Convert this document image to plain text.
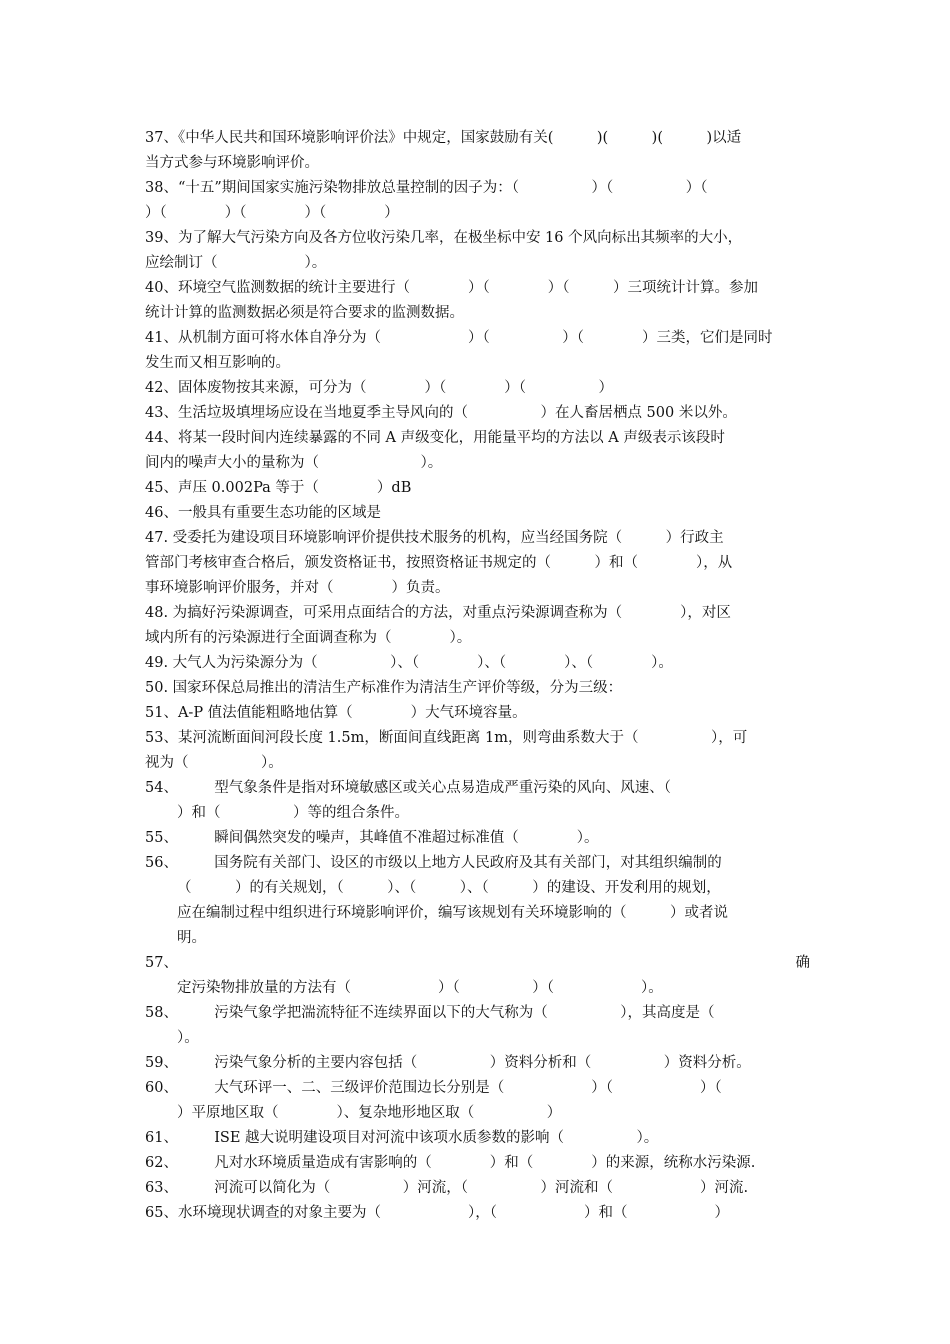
37、《中华人民共和国环境影响评价法》中规定，国家鼓励有关(　　　)(　　　)(　　　)以适
当方式参与环境影响评价。
38、“十五”期间国家实施污染物排放总量控制的因子为：（　　　　　）（　　　　　）（
）（　　　　）（　　　　）（　　　　）
39、为了解大气污染方向及各方位收污染几率，在极坐标中安 16 个风向标出其频率的大小，
应绘制订（　　　　　　）。
40、环境空气监测数据的统计主要进行（　　　　）（　　　　）（　　　）三项统计计算。参加
统计计算的监测数据必须是符合要求的监测数据。
41、从机制方面可将水体自净分为（　　　　　　）（　　　　　）（　　　　）三类，它们是同时
发生而又相互影响的。
42、固体废物按其来源，可分为（　　　　）（　　　　）（　　　　　）
43、生活垃圾填埋场应设在当地夏季主导风向的（　　　　　）在人畜居栖点 500 米以外。
44、将某一段时间内连续暴露的不同 A 声级变化，用能量平均的方法以 A 声级表示该段时
间内的噪声大小的量称为（　　　　　　　）。
45、声压 0.002Pa 等于（　　　　）dB
46、一般具有重要生态功能的区域是
47. 受委托为建设项目环境影响评价提供技术服务的机构，应当经国务院（　　　）行政主
管部门考核审查合格后，颁发资格证书，按照资格证书规定的（　　　）和（　　　　），从
事环境影响评价服务，并对（　　　　）负责。
48. 为搞好污染源调查，可采用点面结合的方法，对重点污染源调查称为（　　　　），对区
域内所有的污染源进行全面调查称为（　　　　）。
49. 大气人为污染源分为（　　　　　）、（　　　　）、（　　　　）、（　　　　）。
50. 国家环保总局推出的清洁生产标准作为清洁生产评价等级，分为三级：
51、A-P 值法值能粗略地估算（　　　　）大气环境容量。
53、某河流断面间河段长度 1.5m，断面间直线距离 1m，则弯曲系数大于（　　　　　），可
视为（　　　　　）。
54、　　　型气象条件是指对环境敏感区或关心点易造成严重污染的风向、风速、（
）和（　　　　　）等的组合条件。
55、　　　瞬间偶然突发的噪声，其峰值不准超过标准值（　　　　）。
56、　　　国务院有关部门、设区的市级以上地方人民政府及其有关部门，对其组织编制的
（　　　）的有关规划，（　　　）、（　　　）、（　　　）的建设、开发利用的规划，
应在编制过程中组织进行环境影响评价，编写该规划有关环境影响的（　　　）或者说
明。
57、	确
定污染物排放量的方法有（　　　　　　）（　　　　　）（　　　　　　）。
58、　　　污染气象学把湍流特征不连续界面以下的大气称为（　　　　　），其高度是（
）。
59、　　　污染气象分析的主要内容包括（　　　　　）资料分析和（　　　　　）资料分析。
60、　　　大气环评一、二、三级评价范围边长分别是（　　　　　　）（　　　　　　）（
）平原地区取（　　　　）、复杂地形地区取（　　　　　）
61、　　　ISE 越大说明建设项目对河流中该项水质参数的影响（　　　　　）。
62、　　　凡对水环境质量造成有害影响的（　　　　）和（　　　　）的来源，统称水污染源.
63、　　　河流可以简化为（　　　　　）河流，（　　　　　）河流和（　　　　　　）河流.
65、水环境现状调查的对象主要为（　　　　　　），（　　　　　　）和（　　　　　　）
